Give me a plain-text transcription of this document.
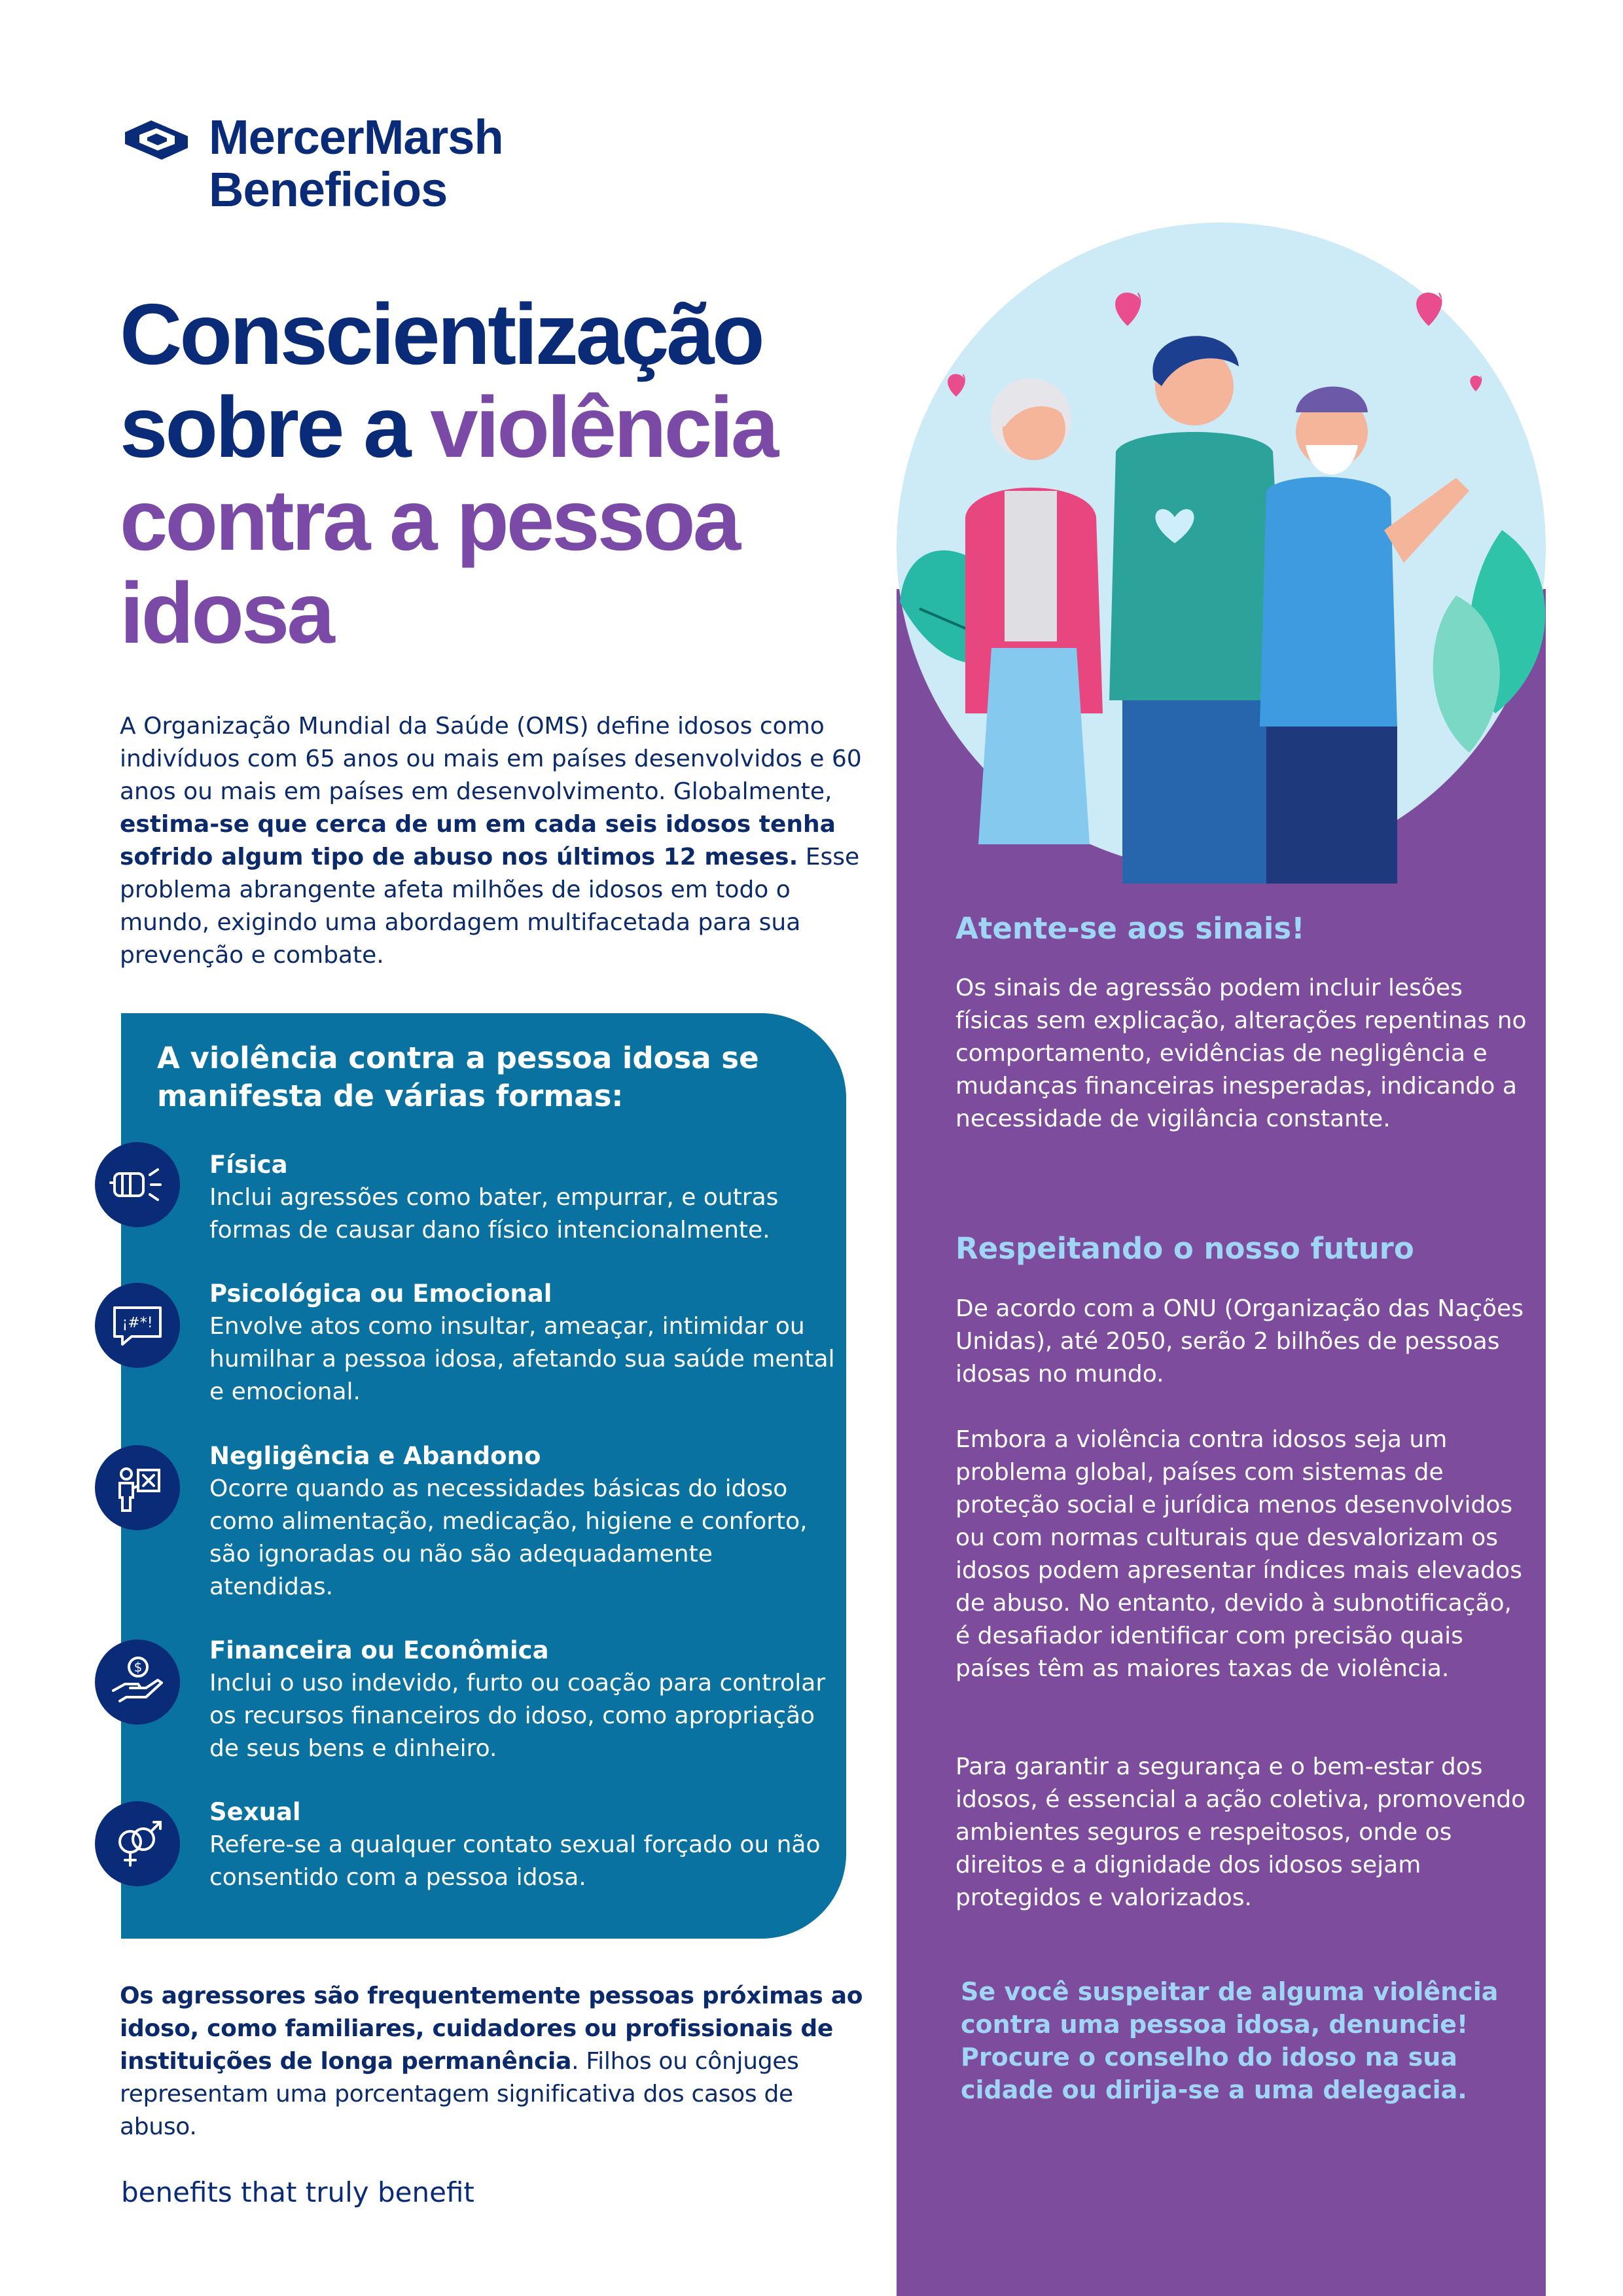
MercerMarsh
Beneficios
Conscientização
sobre a violência
contra a pessoa
idosa
A Organização Mundial da Saúde (OMS) define idosos como indivíduos com 65 anos ou mais em países desenvolvidos e 60 anos ou mais em países em desenvolvimento. Globalmente, estima-se que cerca de um em cada seis idosos tenha sofrido algum tipo de abuso nos últimos 12 meses. Esse problema abrangente afeta milhões de idosos em todo o mundo, exigindo uma abordagem multifacetada para sua prevenção e combate.
A violência contra a pessoa idosa se manifesta de várias formas:
Física
Inclui agressões como bater, empurrar, e outras formas de causar dano físico intencionalmente.
¡#*!
Psicológica ou Emocional
Envolve atos como insultar, ameaçar, intimidar ou humilhar a pessoa idosa, afetando sua saúde mental e emocional.
Negligência e Abandono
Ocorre quando as necessidades básicas do idoso como alimentação, medicação, higiene e conforto, são ignoradas ou não são adequadamente atendidas.
$
Financeira ou Econômica
Inclui o uso indevido, furto ou coação para controlar os recursos financeiros do idoso, como apropriação de seus bens e dinheiro.
Sexual
Refere-se a qualquer contato sexual forçado ou não consentido com a pessoa idosa.
Os agressores são frequentemente pessoas próximas ao idoso, como familiares, cuidadores ou profissionais de instituições de longa permanência. Filhos ou cônjuges representam uma porcentagem significativa dos casos de abuso.
benefits that truly benefit
Atente-se aos sinais!
Os sinais de agressão podem incluir lesões físicas sem explicação, alterações repentinas no comportamento, evidências de negligência e mudanças financeiras inesperadas, indicando a necessidade de vigilância constante.
Respeitando o nosso futuro
De acordo com a ONU (Organização das Nações Unidas), até 2050, serão 2 bilhões de pessoas idosas no mundo.
Embora a violência contra idosos seja um problema global, países com sistemas de proteção social e jurídica menos desenvolvidos ou com normas culturais que desvalorizam os idosos podem apresentar índices mais elevados de abuso. No entanto, devido à subnotificação, é desafiador identificar com precisão quais países têm as maiores taxas de violência.
Para garantir a segurança e o bem-estar dos idosos, é essencial a ação coletiva, promovendo ambientes seguros e respeitosos, onde os direitos e a dignidade dos idosos sejam protegidos e valorizados.
Se você suspeitar de alguma violência contra uma pessoa idosa, denuncie! Procure o conselho do idoso na sua cidade ou dirija-se a uma delegacia.
